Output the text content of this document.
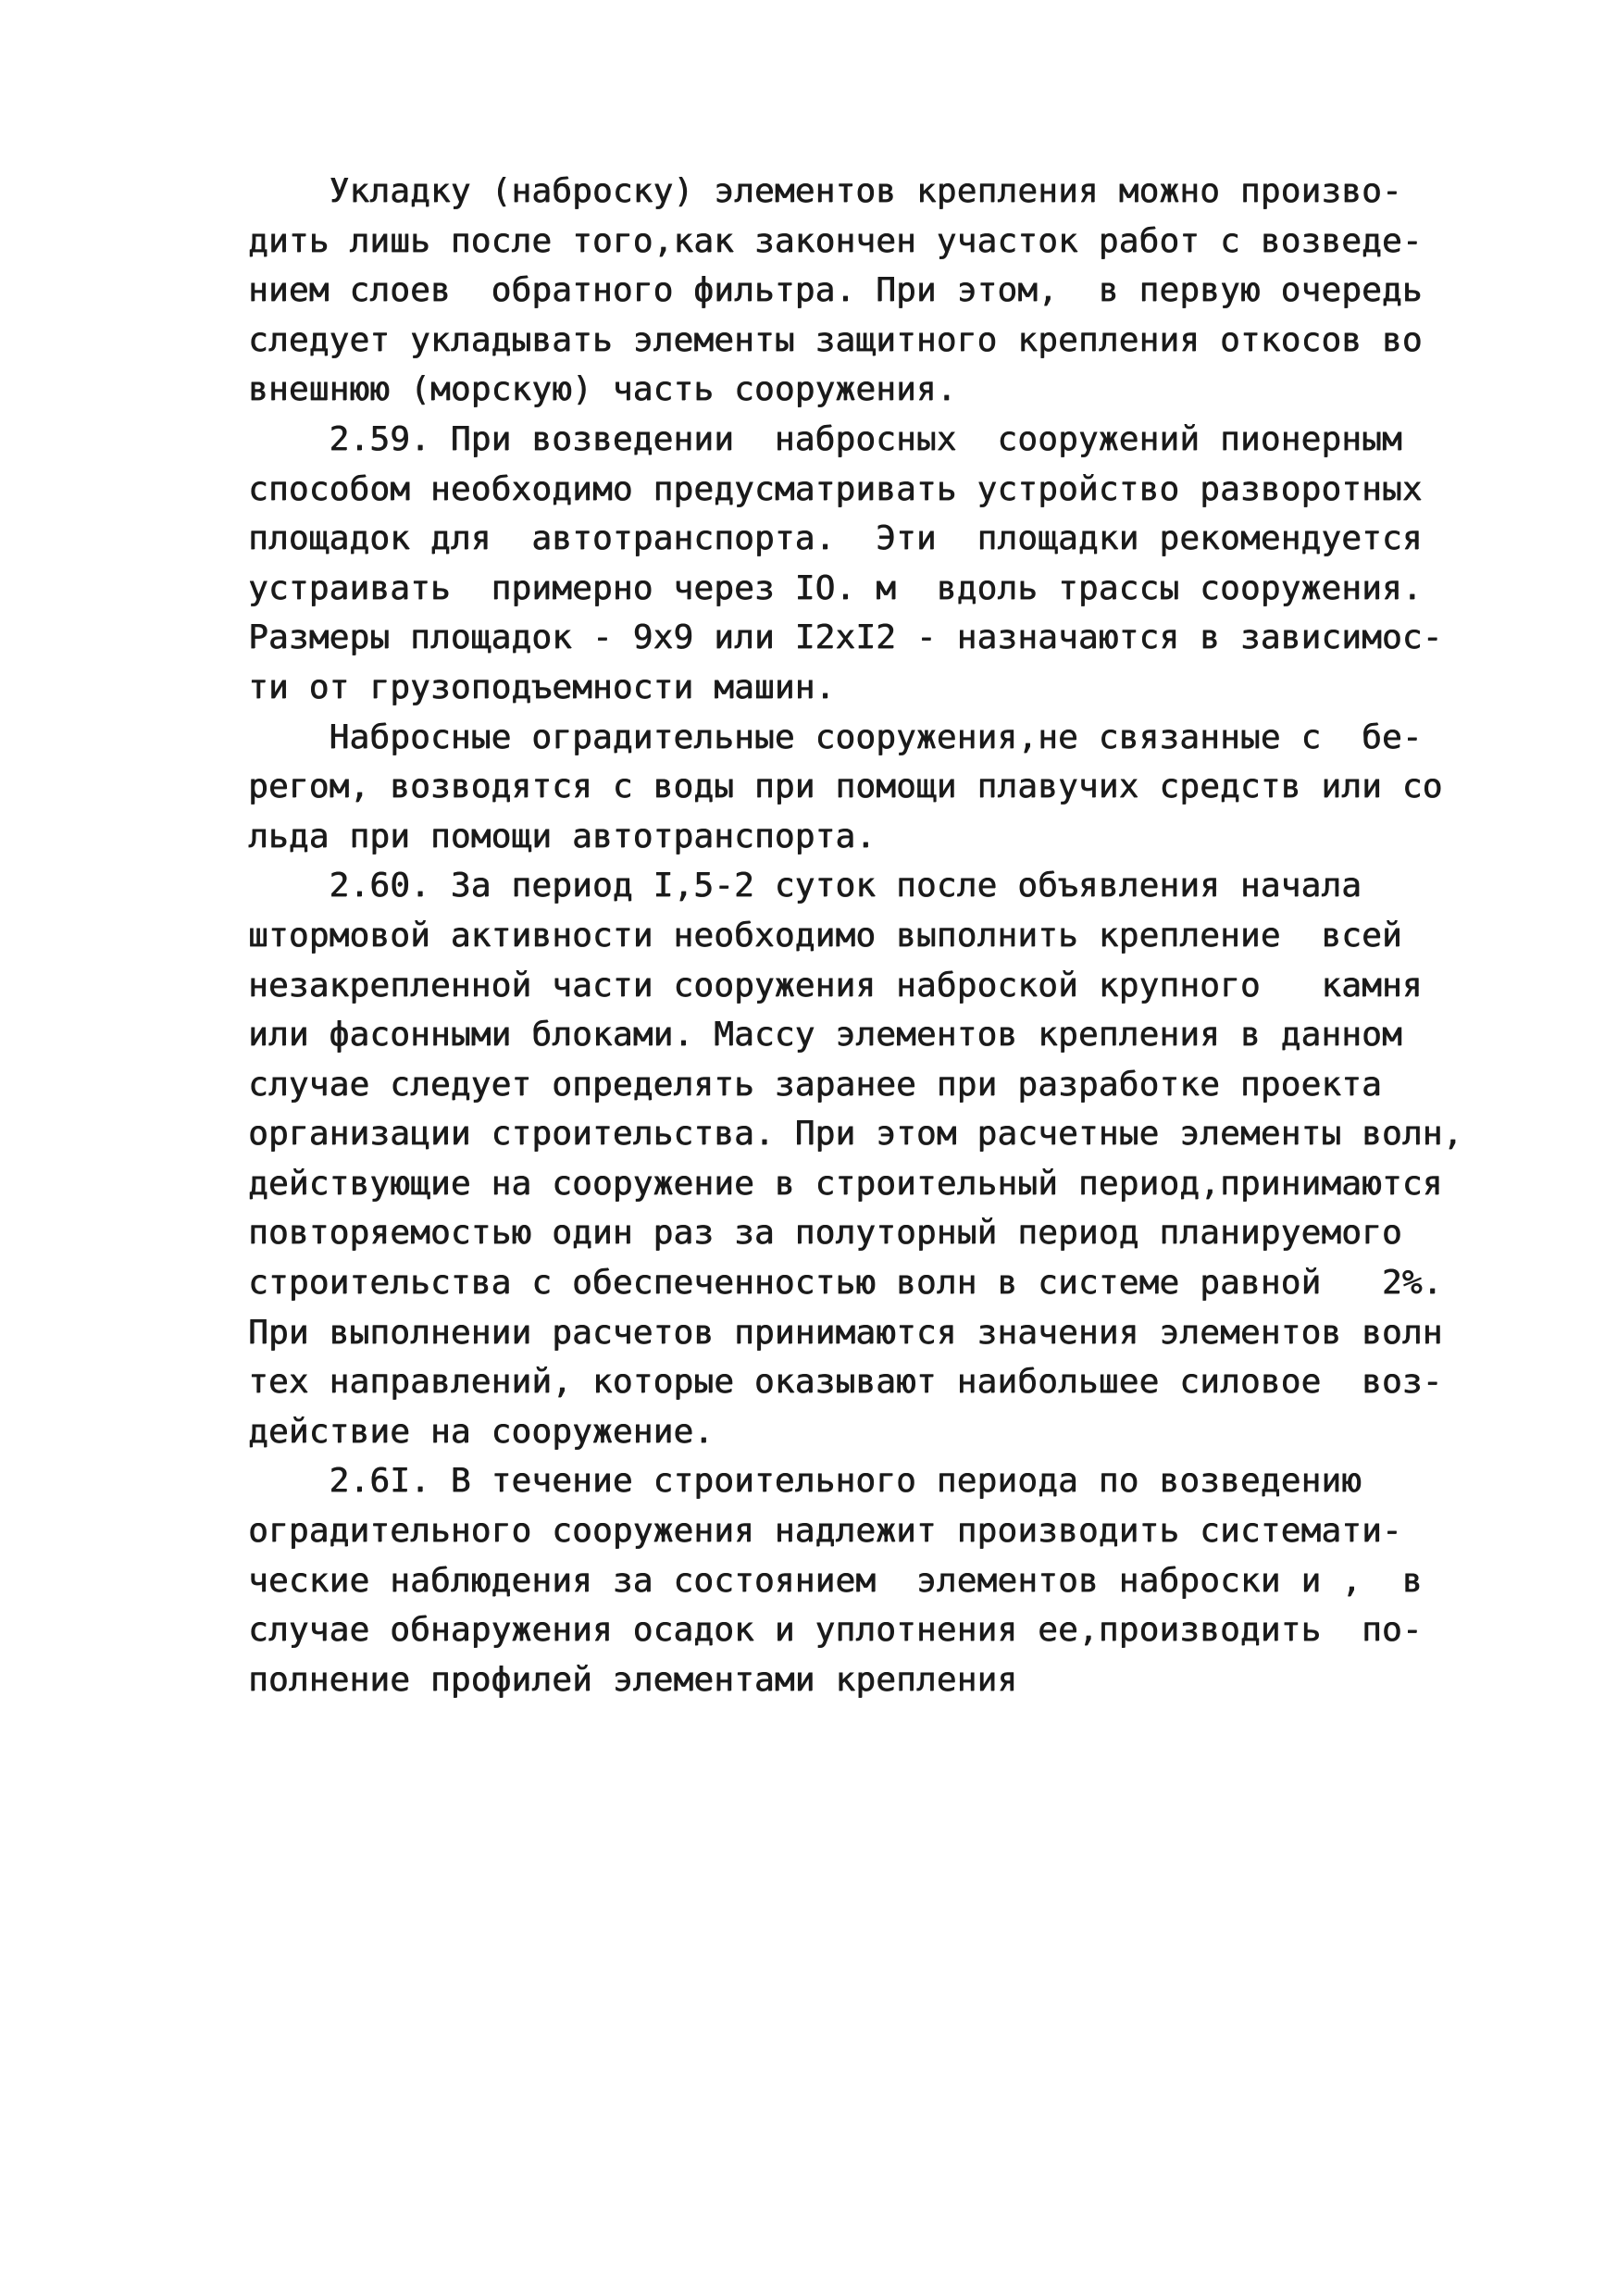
Укладку (наброску) элементов крепления можно произво-
дить лишь после того,как закончен участок работ с возведе-
нием слоев  обратного фильтра. При этом,  в первую очередь
следует укладывать элементы защитного крепления откосов во
внешнюю (морскую) часть сооружения.
2.59. При возведении  набросных  сооружений пионерным
способом необходимо предусматривать устройство разворотных
площадок для  автотранспорта.  Эти  площадки рекомендуется
устраивать  примерно через IO. м  вдоль трассы сооружения.
Размеры площадок - 9x9 или I2xI2 - назначаются в зависимос-
ти от грузоподъемности машин.
Набросные оградительные сооружения,не связанные с  бе-
регом, возводятся с воды при помощи плавучих средств или со
льда при помощи автотранспорта.
2.60. За период I,5-2 суток после объявления начала
штормовой активности необходимо выполнить крепление  всей
незакрепленной части сооружения наброской крупного   камня
или фасонными блоками. Массу элементов крепления в данном
случае следует определять заранее при разработке проекта
организации строительства. При этом расчетные элементы волн,
действующие на сооружение в строительный период,принимаются
повторяемостью один раз за полуторный период планируемого
строительства с обеспеченностью волн в системе равной   2%.
При выполнении расчетов принимаются значения элементов волн
тех направлений, которые оказывают наибольшее силовое  воз-
действие на сооружение.
2.6I. В течение строительного периода по возведению
оградительного сооружения надлежит производить системати-
ческие наблюдения за состоянием  элементов наброски и ,  в
случае обнаружения осадок и уплотнения ее,производить  по-
полнение профилей элементами крепления
